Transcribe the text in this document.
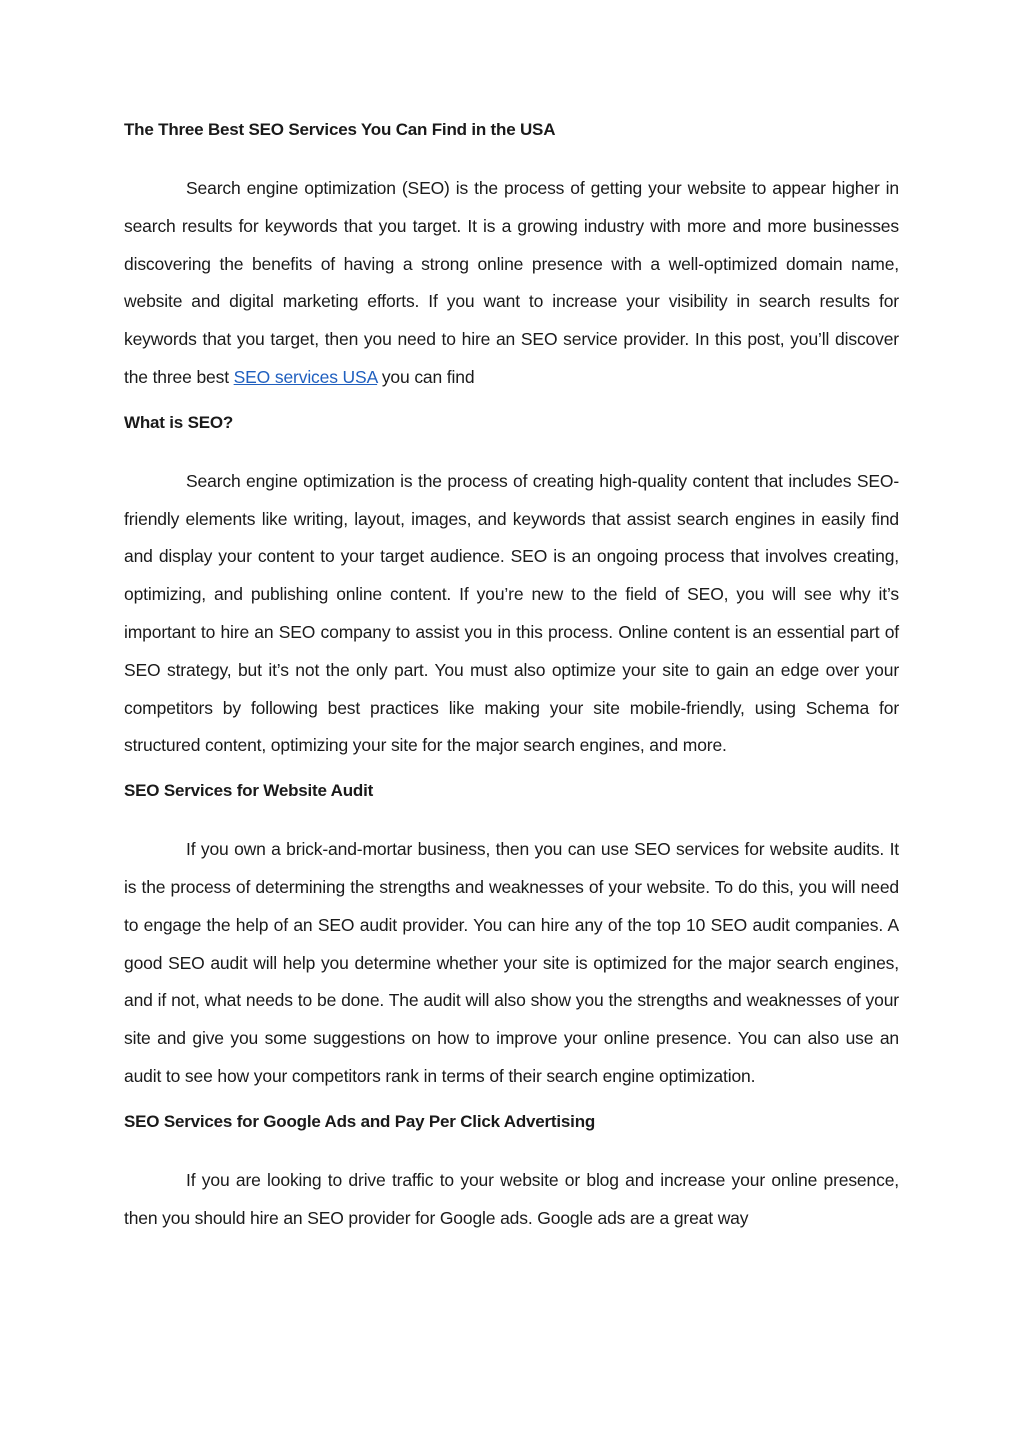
The Three Best SEO Services You Can Find in the USA

Search engine optimization (SEO) is the process of getting your website to appear higher in search results for keywords that you target. It is a growing industry with more and more businesses discovering the benefits of having a strong online presence with a well-optimized domain name, website and digital marketing efforts. If you want to increase your visibility in search results for keywords that you target, then you need to hire an SEO service provider. In this post, you’ll discover the three best SEO services USA you can find

What is SEO?

Search engine optimization is the process of creating high-quality content that includes SEO-friendly elements like writing, layout, images, and keywords that assist search engines in easily find and display your content to your target audience. SEO is an ongoing process that involves creating, optimizing, and publishing online content. If you’re new to the field of SEO, you will see why it’s important to hire an SEO company to assist you in this process. Online content is an essential part of SEO strategy, but it’s not the only part. You must also optimize your site to gain an edge over your competitors by following best practices like making your site mobile-friendly, using Schema for structured content, optimizing your site for the major search engines, and more.

SEO Services for Website Audit

If you own a brick-and-mortar business, then you can use SEO services for website audits. It is the process of determining the strengths and weaknesses of your website. To do this, you will need to engage the help of an SEO audit provider. You can hire any of the top 10 SEO audit companies. A good SEO audit will help you determine whether your site is optimized for the major search engines, and if not, what needs to be done. The audit will also show you the strengths and weaknesses of your site and give you some suggestions on how to improve your online presence. You can also use an audit to see how your competitors rank in terms of their search engine optimization.

SEO Services for Google Ads and Pay Per Click Advertising

If you are looking to drive traffic to your website or blog and increase your online presence, then you should hire an SEO provider for Google ads. Google ads are a great way
